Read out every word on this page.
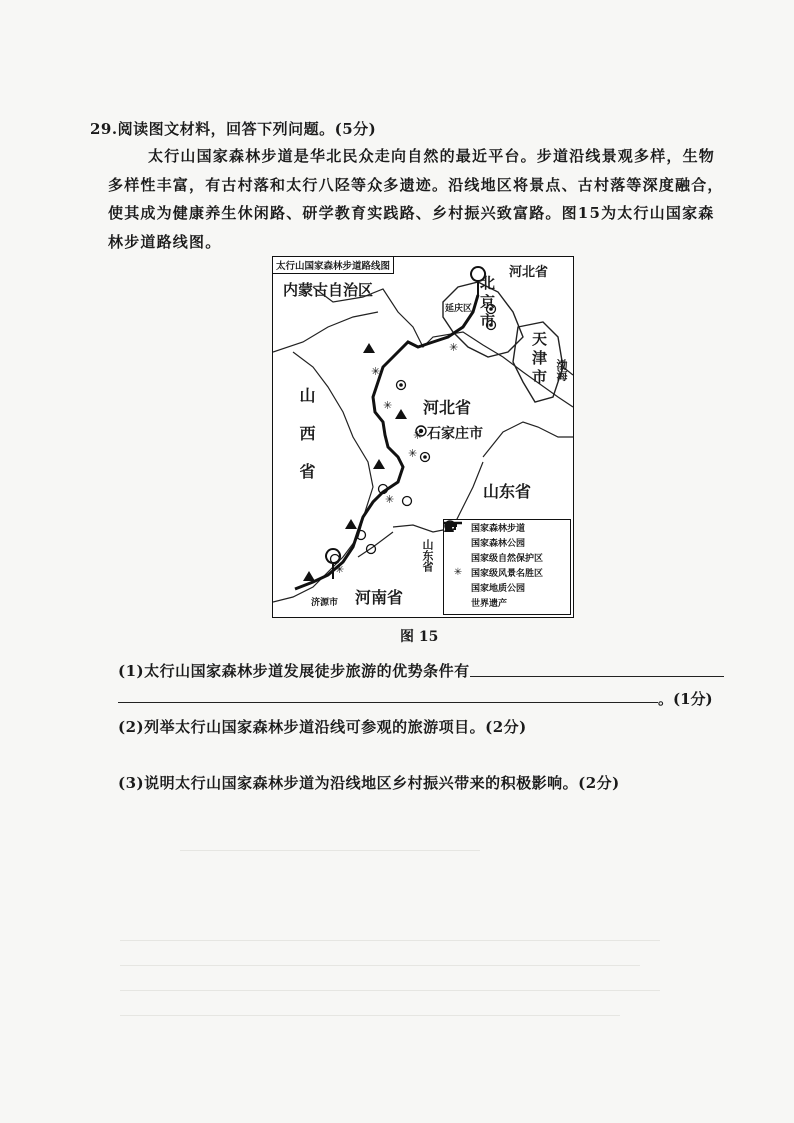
29.阅读图文材料，回答下列问题。(5分)
太行山国家森林步道是华北民众走向自然的最近平台。步道沿线景观多样，生物多样性丰富，有古村落和太行八陉等众多遗迹。沿线地区将景点、古村落等深度融合，使其成为健康养生休闲路、研学教育实践路、乡村振兴致富路。图15为太行山国家森林步道路线图。
✳
✳
✳
✳
✳
✳
✳
太行山国家森林步道路线图
内蒙古自治区
河北省
北京市
延庆区
天津市 渤海
山西省	河北省
石家庄市
山东省
山东省
河南省
济源市
国家森林步道
国家森林公园
国家级自然保护区
✳ 国家级风景名胜区
国家地质公园
世界遗产
图 15
(1)太行山国家森林步道发展徒步旅游的优势条件有
。(1分)
(2)列举太行山国家森林步道沿线可参观的旅游项目。(2分)
(3)说明太行山国家森林步道为沿线地区乡村振兴带来的积极影响。(2分)
